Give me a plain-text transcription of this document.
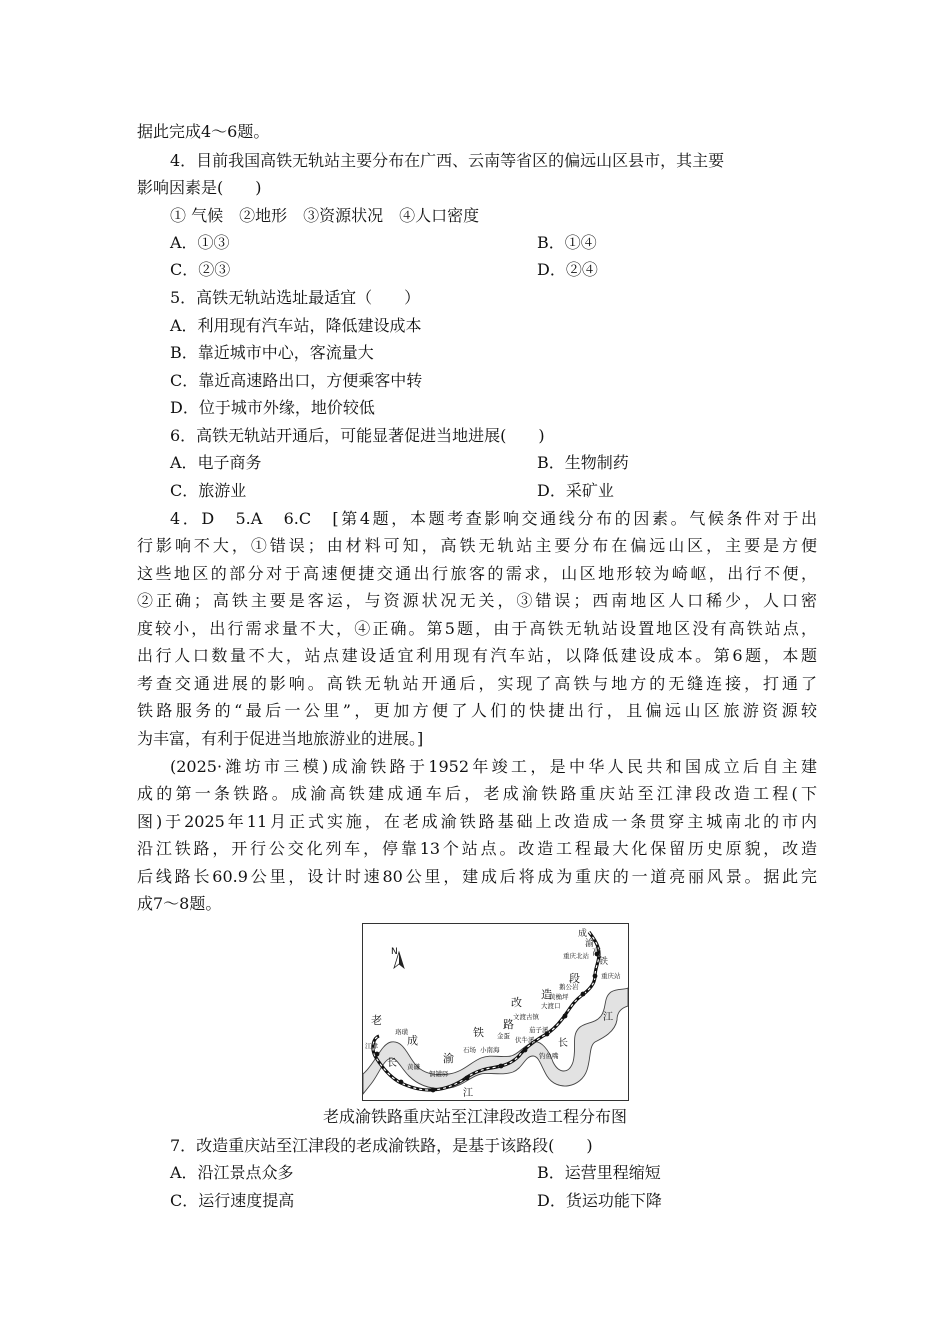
据此完成4～6题。
4．目前我国高铁无轨站主要分布在广西、云南等省区的偏远山区县市，其主要
影响因素是(　　)
① 气候　②地形　③资源状况　④人口密度
A．①③	B．①④
C．②③	D．②④
5．高铁无轨站选址最适宜（　　）
A．利用现有汽车站，降低建设成本
B．靠近城市中心，客流量大
C．靠近高速路出口，方便乘客中转
D．位于城市外缘，地价较低
6．高铁无轨站开通后，可能显著促进当地进展(　　)
A．电子商务	B．生物制药
C．旅游业	D．采矿业
4．D　5.A　6.C　[第4题，本题考查影响交通线分布的因素。气候条件对于出
行影响不大，①错误；由材料可知，高铁无轨站主要分布在偏远山区，主要是方便
这些地区的部分对于高速便捷交通出行旅客的需求，山区地形较为崎岖，出行不便，
②正确；高铁主要是客运，与资源状况无关，③错误；西南地区人口稀少，人口密
度较小，出行需求量不大，④正确。第5题，由于高铁无轨站设置地区没有高铁站点，
出行人口数量不大，站点建设适宜利用现有汽车站，以降低建设成本。第6题，本题
考查交通进展的影响。高铁无轨站开通后，实现了高铁与地方的无缝连接，打通了
铁路服务的“最后一公里”，更加方便了人们的快捷出行，且偏远山区旅游资源较
为丰富，有利于促进当地旅游业的进展。]
(2025·潍坊市三模)成渝铁路于1952年竣工，是中华人民共和国成立后自主建
成的第一条铁路。成渝高铁建成通车后，老成渝铁路重庆站至江津段改造工程(下
图)于2025年11月正式实施，在老成渝铁路基础上改造成一条贯穿主城南北的市内
沿江铁路，开行公交化列车，停靠13个站点。改造工程最大化保留历史原貌，改造
后线路长60.9公里，设计时速80公里，建成后将成为重庆的一道亮丽风景。据此完
成7～8题。
N
成
渝
高
铁
老
成
渝
铁
路
改
造
段
长
江
长
江
重庆北站
重庆站
鹅公岩
黄桷坪
大渡口
文渡古镇
茄子溪
金蛋 伏牛溪
石场 小南海
钓鱼嘴
铜罐驿
黄磏
江津
珞璜
老成渝铁路重庆站至江津段改造工程分布图
7．改造重庆站至江津段的老成渝铁路，是基于该路段(　　)
A．沿江景点众多	B．运营里程缩短
C．运行速度提高	D．货运功能下降
